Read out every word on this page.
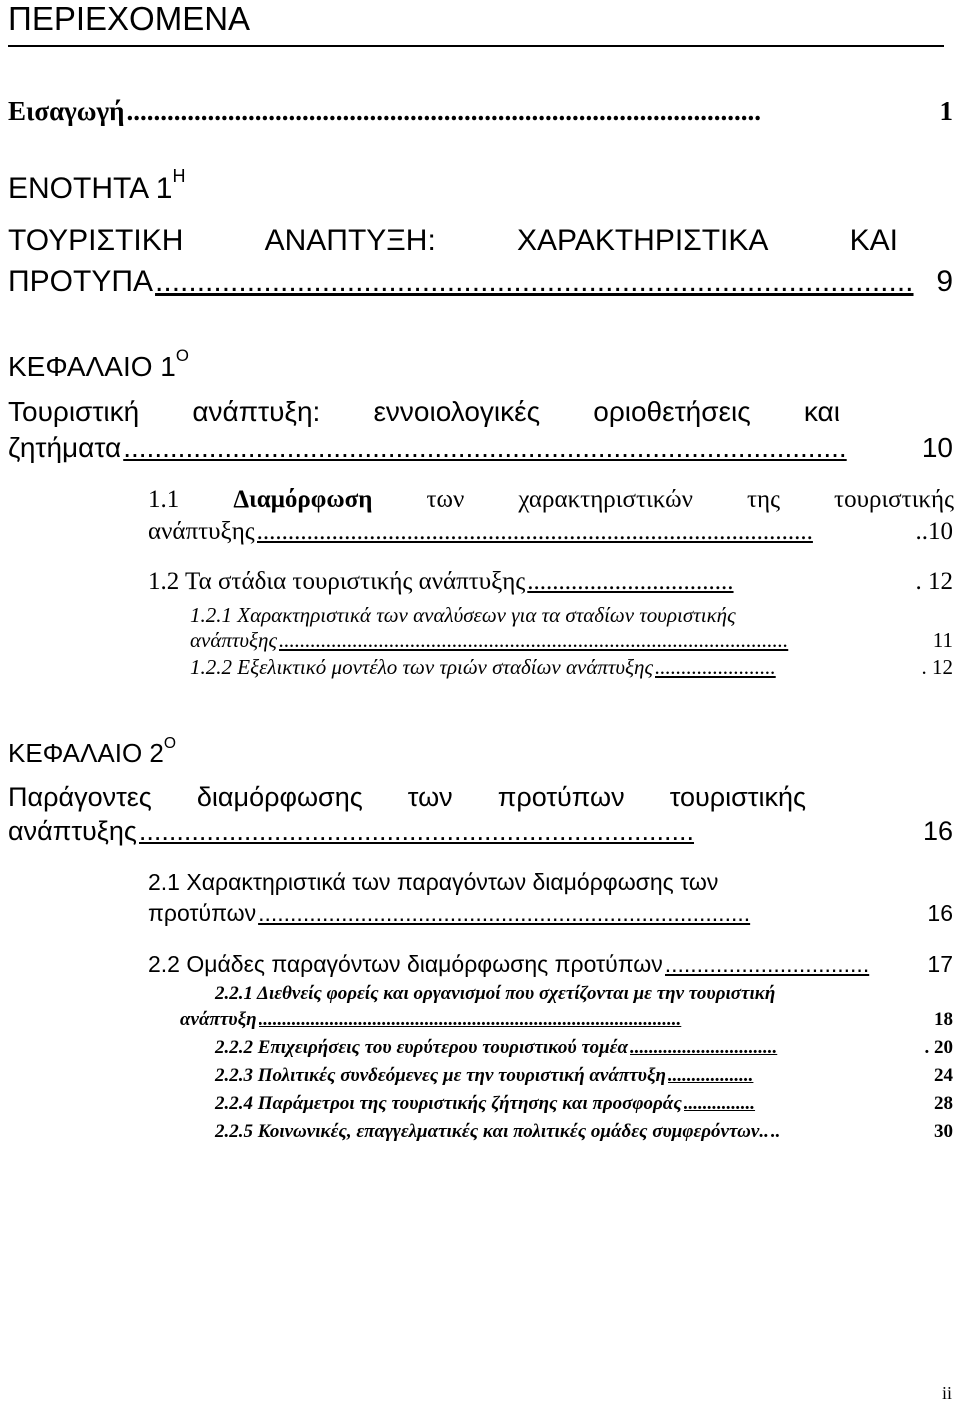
ΠΕΡΙΕΧΟΜΕΝΑ
Εισαγωγή ..............................................................................................	1
ΕΝΟΤΗΤΑ $1^H$
ΤΟΥΡΙΣΤΙΚΗ	ΑΝΑΠΤΥΞΗ:	ΧΑΡΑΚΤΗΡΙΣΤΙΚΑ	ΚΑΙ
ΠΡΟΤΥΠΑ ........................................................................................... 9
ΚΕΦΑΛΑΙΟ $1^O$
Τουριστική ανάπτυξη: εννοιολογικές οριοθετήσεις και
ζητήματα .............................................................................................	10
1.1 Διαμόρφωση των χαρακτηριστικών της τουριστικής
ανάπτυξης .........................................................................................	..10
1.2 Τα στάδια τουριστικής ανάπτυξης .................................	. 12
1.2.1 Χαρακτηριστικά των αναλύσεων για τα σταδίων τουριστικής
ανάπτυξης .................................................................................................	11
1.2.2 Εξελικτικό μοντέλο των τριών σταδίων ανάπτυξης .......................	. 12
ΚΕΦΑΛΑΙΟ $2^O$
Παράγοντες διαμόρφωσης των προτύπων τουριστικής
ανάπτυξης ..........................................................................	16
2.1 Χαρακτηριστικά των παραγόντων διαμόρφωσης των
προτύπων .............................................................................	16
2.2 Ομάδες παραγόντων διαμόρφωσης προτύπων ................................	17
2.2.1 Διεθνείς φορείς και οργανισμοί που σχετίζονται με την τουριστική
ανάπτυξη .........................................................................................	18
2.2.2 Επιχειρήσεις του ευρύτερου τουριστικού τομέα ...............................	. 20
2.2.3 Πολιτικές συνδεόμενες με την τουριστική ανάπτυξη ..................	24
2.2.4 Παράμετροι της τουριστικής ζήτησης και προσφοράς ...............	28
2.2.5 Κοινωνικές, επαγγελματικές και πολιτικές ομάδες συμφερόντων.. ..	30
ii
